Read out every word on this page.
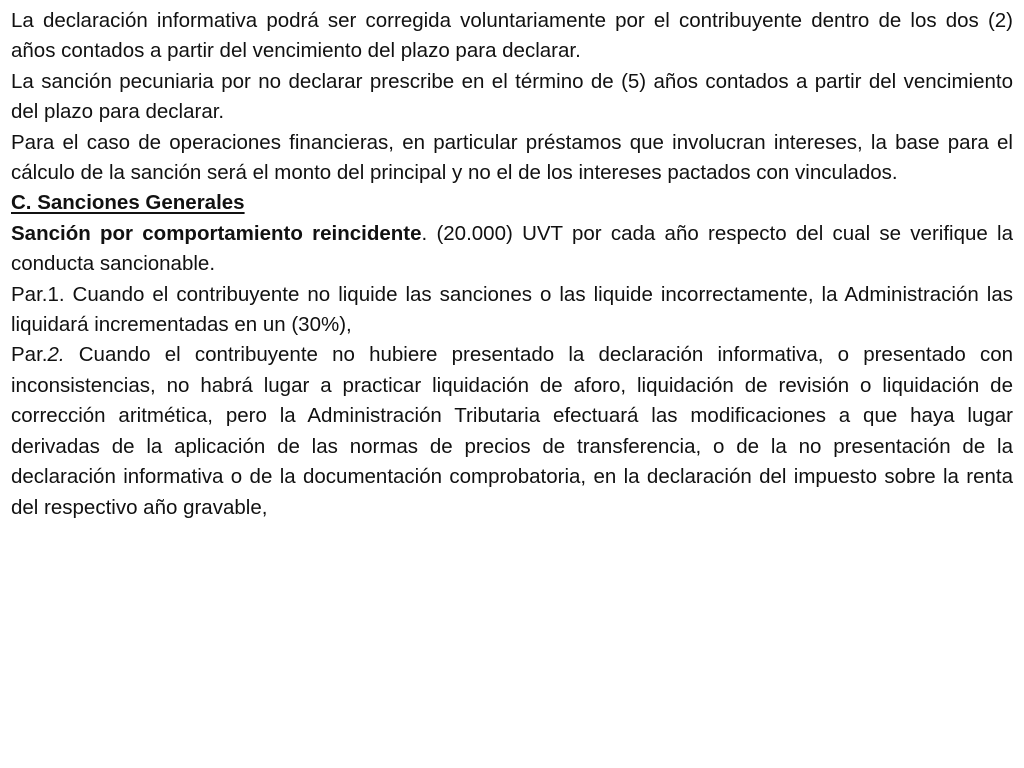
La declaración informativa podrá ser corregida voluntariamente por el contribuyente dentro de los dos (2) años contados a partir del vencimiento del plazo para declarar.

La sanción pecuniaria por no declarar prescribe en el término de (5) años contados a partir del vencimiento del plazo para declarar.

Para el caso de operaciones financieras, en particular préstamos que involucran intereses, la base para el cálculo de la sanción será el monto del principal y no el de los intereses pactados con vinculados.

C. Sanciones Generales

Sanción por comportamiento reincidente. (20.000) UVT por cada año respecto del cual se verifique la conducta sancionable.

Par.1. Cuando el contribuyente no liquide las sanciones o las liquide incorrectamente, la Administración las liquidará incrementadas en un (30%),

Par.2. Cuando el contribuyente no hubiere presentado la declaración informativa, o presentado con inconsistencias, no habrá lugar a practicar liquidación de aforo, liquidación de revisión o liquidación de corrección aritmética, pero la Administración Tributaria efectuará las modificaciones a que haya lugar derivadas de la aplicación de las normas de precios de transferencia, o de la no presentación de la declaración informativa o de la documentación comprobatoria, en la declaración del impuesto sobre la renta del respectivo año gravable,
